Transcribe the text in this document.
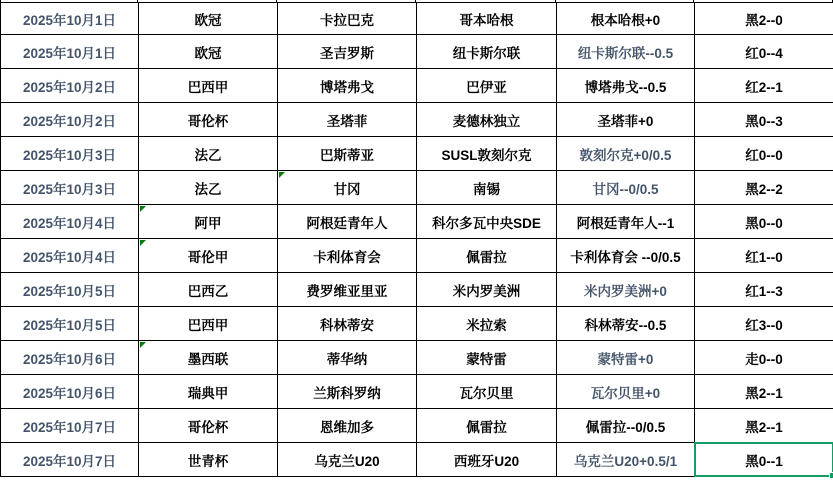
2025年10月1日	欧冠	卡拉巴克	哥本哈根	根本哈根+0	黑2--0
2025年10月1日	欧冠	圣吉罗斯	纽卡斯尔联	纽卡斯尔联--0.5	红0--4
2025年10月2日	巴西甲	博塔弗戈	巴伊亚	博塔弗戈--0.5	红2--1
2025年10月2日	哥伦杯	圣塔菲	麦德林独立	圣塔菲+0	黑0--3
2025年10月3日	法乙	巴斯蒂亚	SUSL敦刻尔克	敦刻尔克+0/0.5	红0--0
2025年10月3日	法乙	甘冈	南锡	甘冈--0/0.5	黑2--2
2025年10月4日	阿甲	阿根廷青年人	科尔多瓦中央SDE	阿根廷青年人--1	黑0--0
2025年10月4日	哥伦甲	卡利体育会	佩雷拉	卡利体育会 --0/0.5	红1--0
2025年10月5日	巴西乙	费罗维亚里亚	米内罗美洲	米内罗美洲+0	红1--3
2025年10月5日	巴西甲	科林蒂安	米拉索	科林蒂安--0.5	红3--0
2025年10月6日	墨西联	蒂华纳	蒙特雷	蒙特雷+0	走0--0
2025年10月6日	瑞典甲	兰斯科罗纳	瓦尔贝里	瓦尔贝里+0	黑2--1
2025年10月7日	哥伦杯	恩维加多	佩雷拉	佩雷拉--0/0.5	黑2--1
2025年10月7日	世青杯	乌克兰U20	西班牙U20	乌克兰U20+0.5/1	黑0--1
